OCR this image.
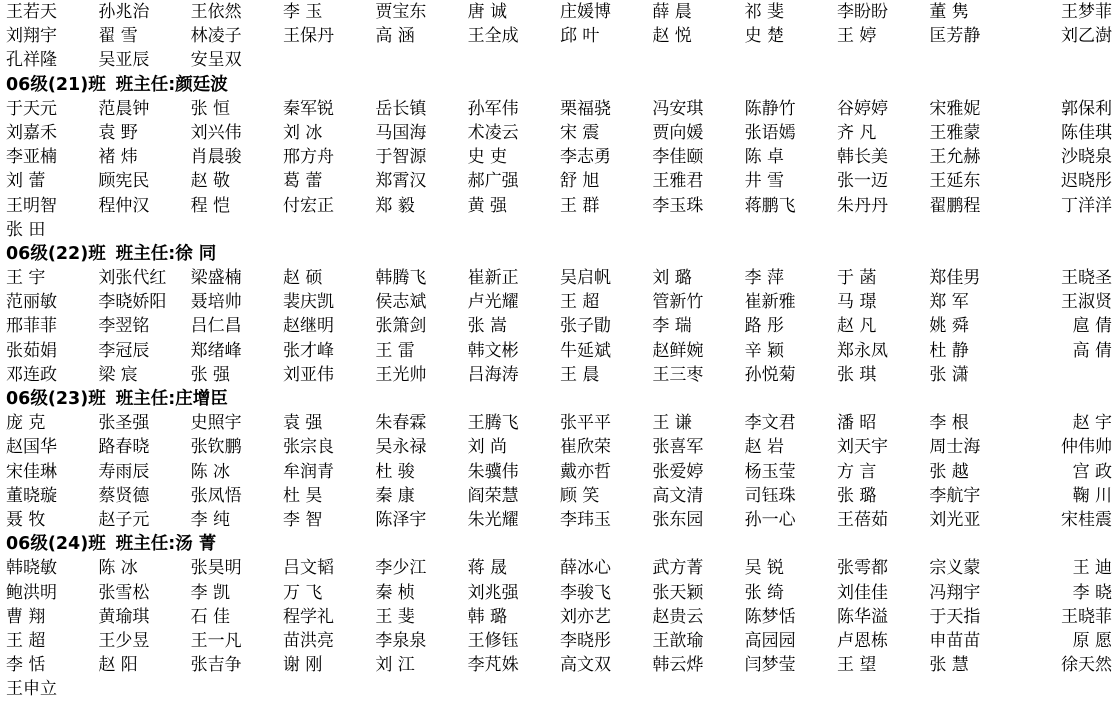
王若天	孙兆治	王依然	李 玉	贾宝东	唐 诚	庄媛博	薛 晨	祁 斐	李盼盼	董 隽	王梦菲
刘翔宇	翟 雪	林凌子	王保丹	高 涵	王全成	邱 叶	赵 悦	史 楚	王 婷	匡芳静	刘乙澍
孔祥隆	吴亚辰	安呈双
06级(21)班 班主任:颜廷波
于天元	范晨钟	张 恒	秦军锐	岳长镇	孙军伟	栗福骁	冯安琪	陈静竹	谷婷婷	宋雅妮	郭保利
刘嘉禾	袁 野	刘兴伟	刘 冰	马国海	术凌云	宋 震	贾向媛	张语嫣	齐 凡	王雅蒙	陈佳琪
李亚楠	褚 炜	肖晨骏	邢方舟	于智源	史 吏	李志勇	李佳颐	陈 卓	韩长美	王允赫	沙晓泉
刘 蕾	顾宪民	赵 敬	葛 蕾	郑霄汉	郝广强	舒 旭	王雅君	井 雪	张一迈	王延东	迟晓彤
王明智	程仲汉	程 恺	付宏正	郑 毅	黄 强	王 群	李玉珠	蒋鹏飞	朱丹丹	翟鹏程	丁洋洋
张 田
06级(22)班 班主任:徐 同
王 宇	刘张代红	梁盛楠	赵 硕	韩腾飞	崔新正	吴启帆	刘 璐	李 萍	于 菡	郑佳男	王晓圣
范丽敏	李晓娇阳	聂培帅	裴庆凯	侯志斌	卢光耀	王 超	管新竹	崔新雅	马 璟	郑 军	王淑贤
邢菲菲	李翌铭	吕仁昌	赵继明	张箫剑	张 嵩	张子勖	李 瑞	路 彤	赵 凡	姚 舜	扈 倩
张茹娟	李冠辰	郑绪峰	张才峰	王 雷	韩文彬	牛延斌	赵鲜婉	辛 颖	郑永凤	杜 静	高 倩
邓连政	梁 宸	张 强	刘亚伟	王光帅	吕海涛	王 晨	王三枣	孙悦菊	张 琪	张 潇
06级(23)班 班主任:庄增臣
庞 克	张圣强	史照宇	袁 强	朱春霖	王腾飞	张平平	王 谦	李文君	潘 昭	李 根	赵 宇
赵国华	路春晓	张钦鹏	张宗良	吴永禄	刘 尚	崔欣荣	张喜军	赵 岩	刘天宇	周士海	仲伟帅
宋佳琳	寿雨辰	陈 冰	牟润青	杜 骏	朱骥伟	戴亦哲	张爱婷	杨玉莹	方 言	张 越	宫 政
董晓璇	蔡贤德	张凤悟	杜 昊	秦 康	阎荣慧	顾 笑	高文清	司钰珠	张 璐	李航宇	鞠 川
聂 牧	赵子元	李 纯	李 智	陈泽宇	朱光耀	李玮玉	张东园	孙一心	王蓓茹	刘光亚	宋桂震
06级(24)班 班主任:汤 菁
韩晓敏	陈 冰	张昊明	吕文韬	李少江	蒋 晟	薛冰心	武方菁	吴 锐	张雩都	宗义蒙	王 迪
鲍洪明	张雪松	李 凯	万 飞	秦 桢	刘兆强	李骏飞	张天颖	张 绮	刘佳佳	冯翔宇	李 晓
曹 翔	黄瑜琪	石 佳	程学礼	王 斐	韩 璐	刘亦艺	赵贵云	陈梦恬	陈华溢	于天指	王晓菲
王 超	王少昱	王一凡	苗洪亮	李泉泉	王修钰	李晓彤	王歆瑜	高园园	卢恩栋	申苗苗	原 愿
李 恬	赵 阳	张吉争	谢 刚	刘 江	李芃姝	高文双	韩云烨	闫梦莹	王 望	张 慧	徐天然
王申立
